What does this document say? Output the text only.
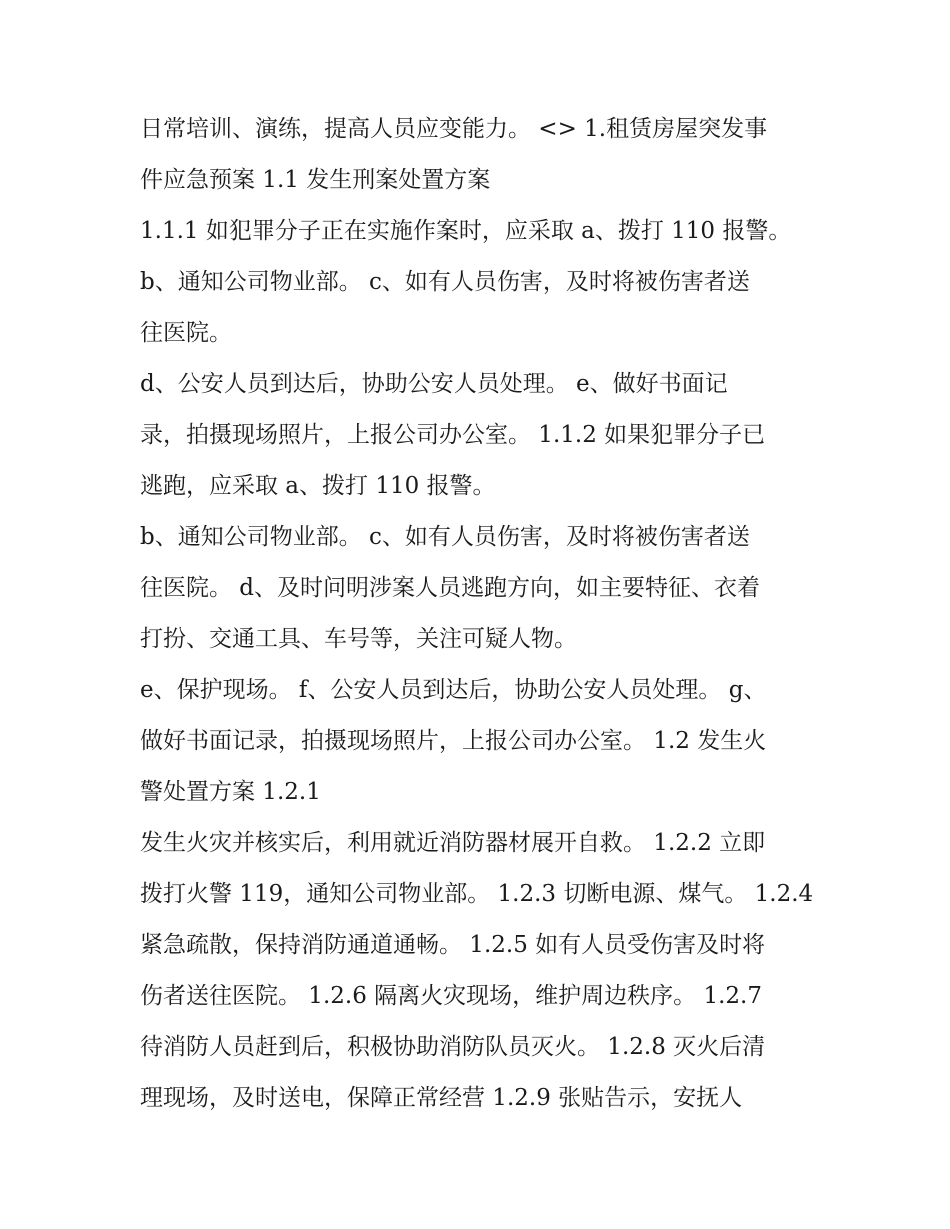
日常培训、演练，提高人员应变能力。 <> 1.租赁房屋突发事
件应急预案 1.1 发生刑案处置方案
1.1.1 如犯罪分子正在实施作案时，应采取 a、拨打 110 报警。
b、通知公司物业部。 c、如有人员伤害，及时将被伤害者送
往医院。
d、公安人员到达后，协助公安人员处理。 e、做好书面记
录，拍摄现场照片，上报公司办公室。 1.1.2 如果犯罪分子已
逃跑，应采取 a、拨打 110 报警。
b、通知公司物业部。 c、如有人员伤害，及时将被伤害者送
往医院。 d、及时问明涉案人员逃跑方向，如主要特征、衣着
打扮、交通工具、车号等，关注可疑人物。
e、保护现场。 f、公安人员到达后，协助公安人员处理。 g、
做好书面记录，拍摄现场照片，上报公司办公室。 1.2 发生火
警处置方案 1.2.1
发生火灾并核实后，利用就近消防器材展开自救。 1.2.2 立即
拨打火警 119，通知公司物业部。 1.2.3 切断电源、煤气。 1.2.4
紧急疏散，保持消防通道通畅。 1.2.5 如有人员受伤害及时将
伤者送往医院。 1.2.6 隔离火灾现场，维护周边秩序。 1.2.7
待消防人员赶到后，积极协助消防队员灭火。 1.2.8 灭火后清
理现场，及时送电，保障正常经营 1.2.9 张贴告示，安抚人
